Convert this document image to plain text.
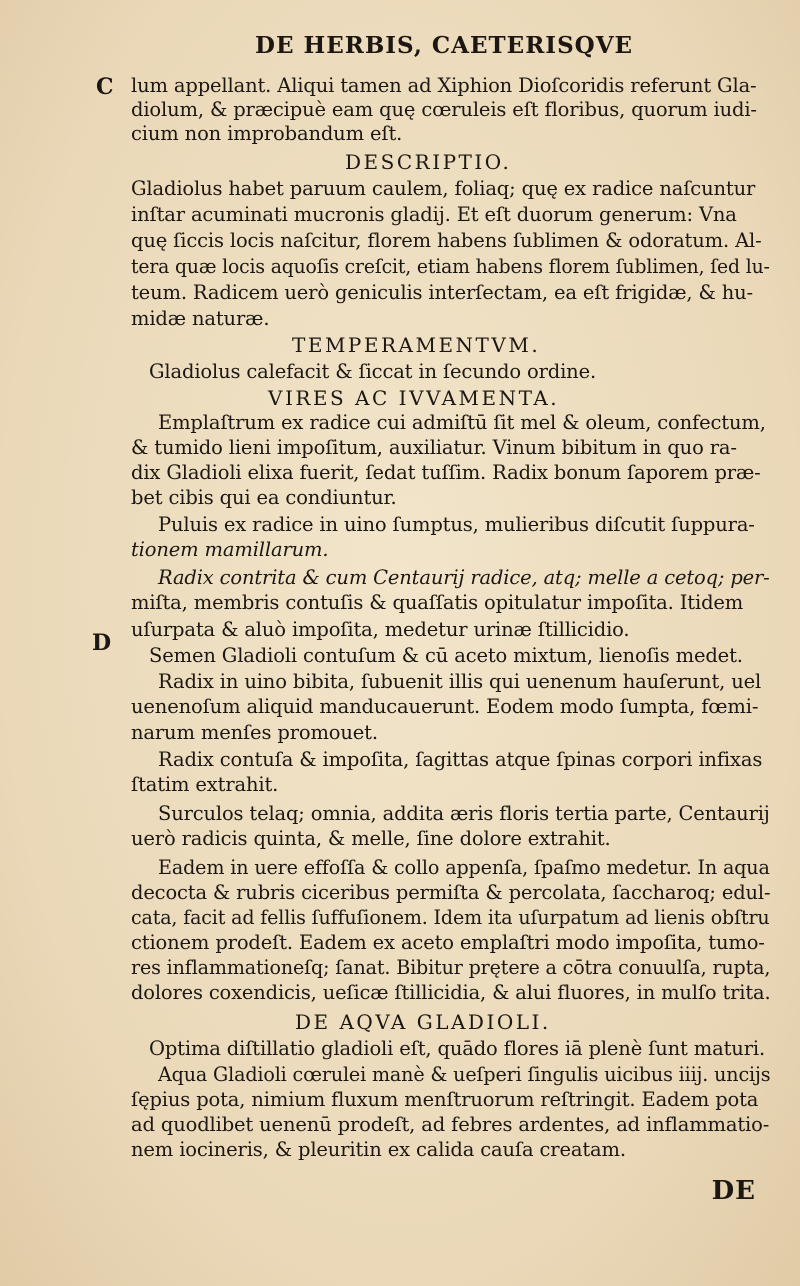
DE HERBIS, CAETERISQVE
C lum appellant. Aliqui tamen ad Xiphion Dioſcoridis referunt Gla-
diolum, & præcipuè eam quę cœruleis eſt floribus, quorum iudi-
cium non improbandum eſt.
DESCRIPTIO.
Gladiolus habet paruum caulem, foliaq; quę ex radice naſcuntur
inſtar acuminati mucronis gladij. Et eſt duorum generum: Vna
quę ſiccis locis naſcitur, florem habens ſublimen & odoratum. Al-
tera quæ locis aquoſis creſcit, etiam habens florem ſublimen, ſed lu-
teum. Radicem uerò geniculis interſectam, ea eſt frigidæ, & hu-
midæ naturæ.
TEMPERAMENTVM.
Gladiolus calefacit & ſiccat in ſecundo ordine.
VIRES AC IVVAMENTA.
Emplaſtrum ex radice cui admiſtū ſit mel & oleum, confectum,
& tumido lieni impoſitum, auxiliatur. Vinum bibitum in quo ra-
dix Gladioli elixa fuerit, ſedat tuſſim. Radix bonum ſaporem præ-
bet cibis qui ea condiuntur.
Puluis ex radice in uino ſumptus, mulieribus diſcutit ſuppura-
tionem mamillarum.
Radix contrita & cum Centaurij radice, atq; melle a cetoq; per-
miſta, membris contuſis & quaſſatis opitulatur impoſita. Itidem
D
uſurpata & aluò impoſita, medetur urinæ ſtillicidio.
Semen Gladioli contuſum & cū aceto mixtum, lienoſis medet.
Radix in uino bibita, ſubuenit illis qui uenenum hauſerunt, uel
uenenoſum aliquid manducauerunt. Eodem modo ſumpta, fœmi-
narum menſes promouet.
Radix contuſa & impoſita, ſagittas atque ſpinas corpori infixas
ſtatim extrahit.
Surculos telaq; omnia, addita æris floris tertia parte, Centaurij
uerò radicis quinta, & melle, ſine dolore extrahit.
Eadem in uere effoſſa & collo appenſa, ſpaſmo medetur. In aqua
decocta & rubris ciceribus permiſta & percolata, ſaccharoq; edul-
cata, facit ad fellis ſuffuſionem. Idem ita uſurpatum ad lienis obſtru
ctionem prodeſt. Eadem ex aceto emplaſtri modo impoſita, tumo-
res inflammationeſq; ſanat. Bibitur prętere a cōtra conuulſa, rupta,
dolores coxendicis, ueſicæ ſtillicidia, & alui fluores, in mulſo trita.
DE AQVA GLADIOLI.
Optima diſtillatio gladioli eſt, quādo flores iā plenè ſunt maturi.
Aqua Gladioli cœrulei manè & ueſperi ſingulis uicibus iiij. uncijs
ſępius pota, nimium fluxum menſtruorum reſtringit. Eadem pota
ad quodlibet uenenū prodeſt, ad febres ardentes, ad inflammatio-
nem iocineris, & pleuritin ex calida cauſa creatam.
DE
